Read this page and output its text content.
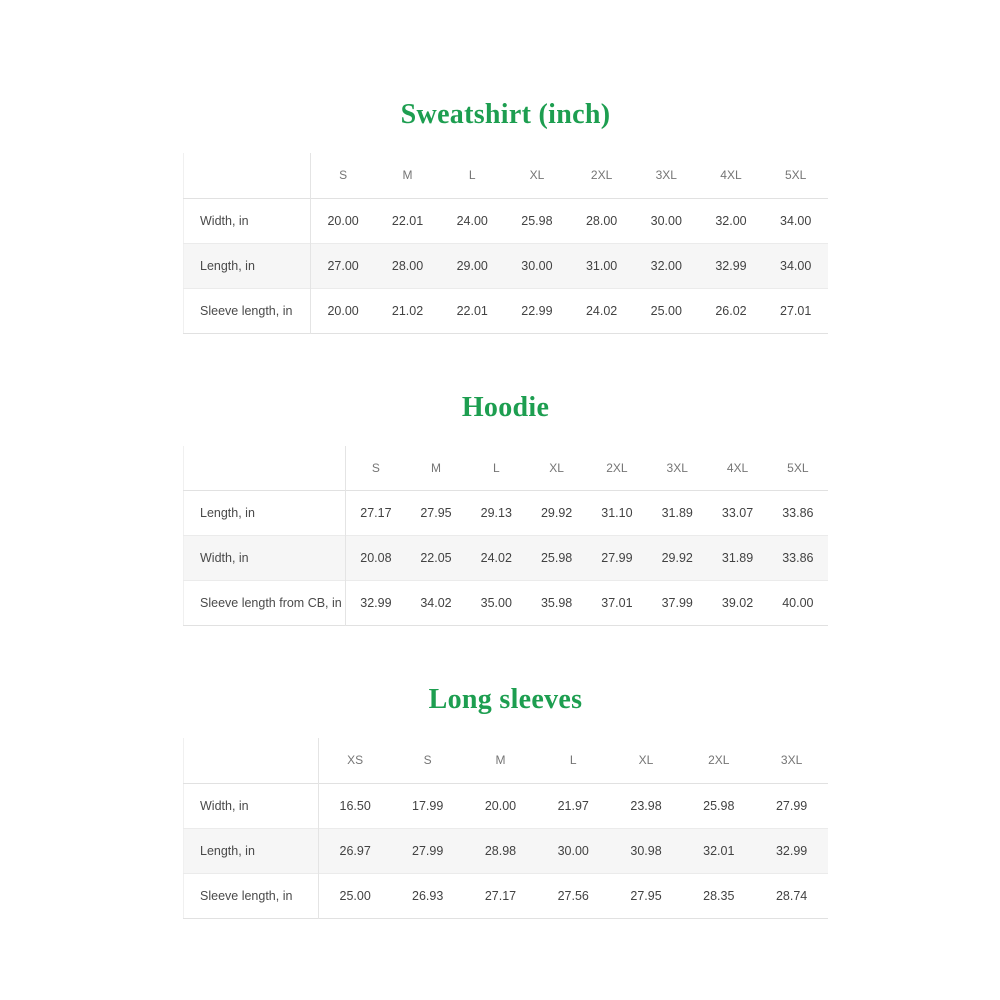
Sweatshirt (inch)
	S	M	L	XL	2XL	3XL	4XL	5XL
Width, in	20.00	22.01	24.00	25.98	28.00	30.00	32.00	34.00
Length, in	27.00	28.00	29.00	30.00	31.00	32.00	32.99	34.00
Sleeve length, in	20.00	21.02	22.01	22.99	24.02	25.00	26.02	27.01
Hoodie
	S	M	L	XL	2XL	3XL	4XL	5XL
Length, in	27.17	27.95	29.13	29.92	31.10	31.89	33.07	33.86
Width, in	20.08	22.05	24.02	25.98	27.99	29.92	31.89	33.86
Sleeve length from CB, in	32.99	34.02	35.00	35.98	37.01	37.99	39.02	40.00
Long sleeves
	XS	S	M	L	XL	2XL	3XL
Width, in	16.50	17.99	20.00	21.97	23.98	25.98	27.99
Length, in	26.97	27.99	28.98	30.00	30.98	32.01	32.99
Sleeve length, in	25.00	26.93	27.17	27.56	27.95	28.35	28.74
